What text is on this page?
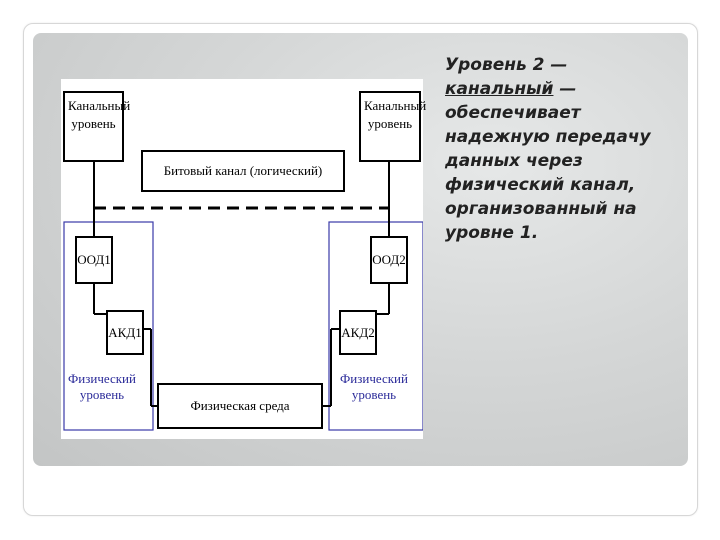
Канальный уровень
Канальный уровень
Битовый канал (логический)
ООД1	ООД2
АКД1	АКД2
Физическая среда
Физический уровень
Физический уровень
Уровень 2 — канальный — обеспечивает надежную передачу данных через физический канал, организованный на уровне 1.
